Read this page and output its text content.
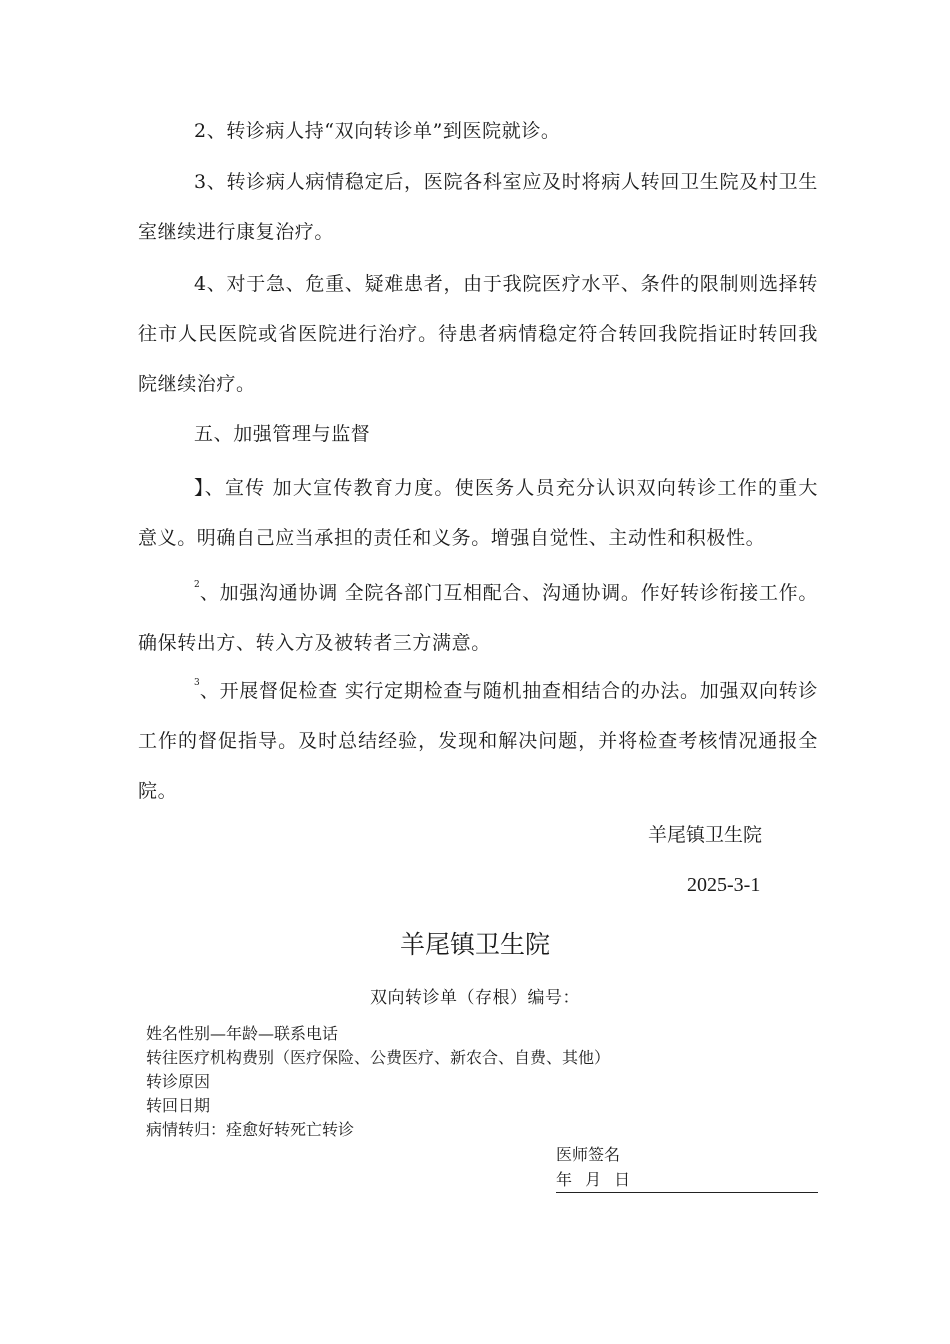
2、转诊病人持“双向转诊单”到医院就诊。

3、转诊病人病情稳定后，医院各科室应及时将病人转回卫生院及村卫生室继续进行康复治疗。

4、对于急、危重、疑难患者，由于我院医疗水平、条件的限制则选择转往市人民医院或省医院进行治疗。待患者病情稳定符合转回我院指证时转回我院继续治疗。

五、加强管理与监督

】、宣传 加大宣传教育力度。使医务人员充分认识双向转诊工作的重大意义。明确自己应当承担的责任和义务。增强自觉性、主动性和积极性。

$^2$、加强沟通协调 全院各部门互相配合、沟通协调。作好转诊衔接工作。确保转出方、转入方及被转者三方满意。

$^3$、开展督促检查 实行定期检查与随机抽查相结合的办法。加强双向转诊工作的督促指导。及时总结经验，发现和解决问题，并将检查考核情况通报全院。

羊尾镇卫生院

2025-3-1

羊尾镇卫生院

双向转诊单（存根）编号：

姓名性别—年龄—联系电话

转往医疗机构费别（医疗保险、公费医疗、新农合、自费、其他）

转诊原因

转回日期

病情转归：痊愈好转死亡转诊

医师签名

年 月 日
